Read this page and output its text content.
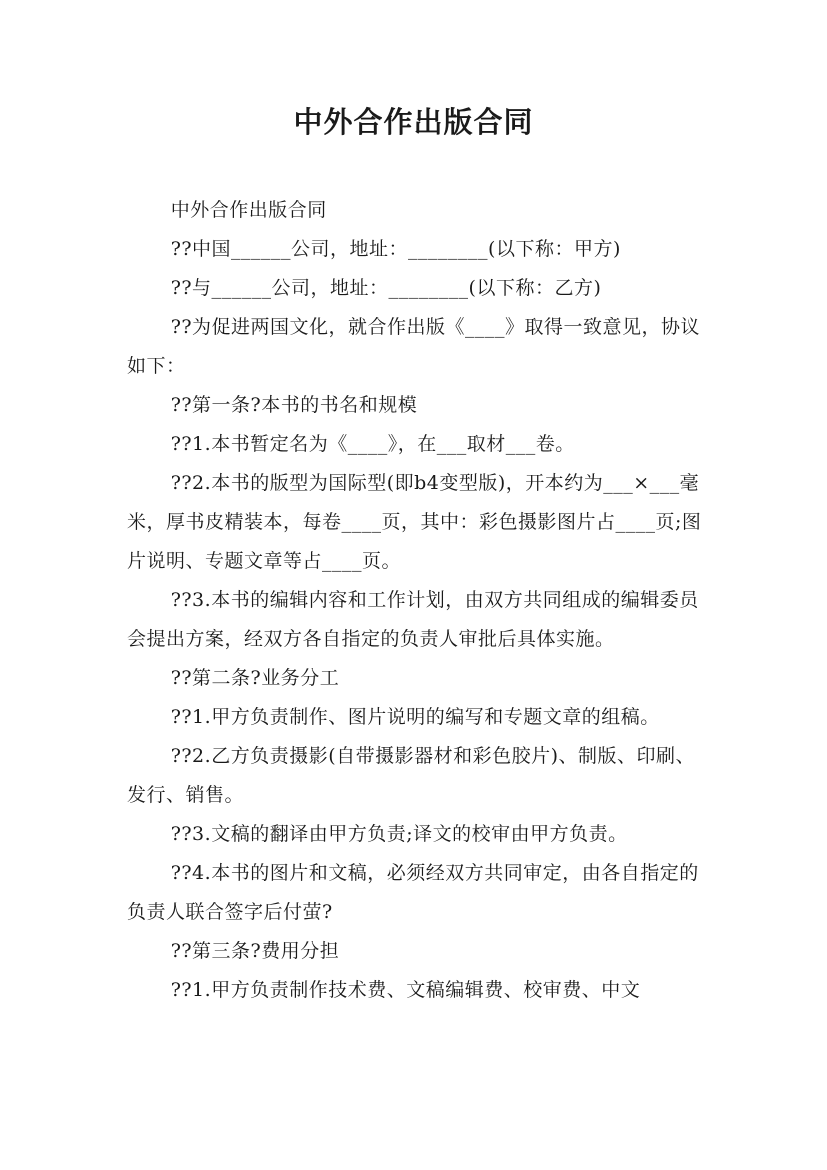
中外合作出版合同

中外合作出版合同

??中国______公司，地址：________(以下称：甲方)

??与______公司，地址：________(以下称：乙方)

??为促进两国文化，就合作出版《____》取得一致意见，协议如下：

??第一条?本书的书名和规模

??1.本书暂定名为《____》，在___取材___卷。

??2.本书的版型为国际型(即b4变型版)，开本约为___×___毫米，厚书皮精装本，每卷____页，其中：彩色摄影图片占____页;图片说明、专题文章等占____页。

??3.本书的编辑内容和工作计划，由双方共同组成的编辑委员会提出方案，经双方各自指定的负责人审批后具体实施。

??第二条?业务分工

??1.甲方负责制作、图片说明的编写和专题文章的组稿。

??2.乙方负责摄影(自带摄影器材和彩色胶片)、制版、印刷、发行、销售。

??3.文稿的翻译由甲方负责;译文的校审由甲方负责。

??4.本书的图片和文稿，必须经双方共同审定，由各自指定的负责人联合签字后付萤?

??第三条?费用分担

??1.甲方负责制作技术费、文稿编辑费、校审费、中文
